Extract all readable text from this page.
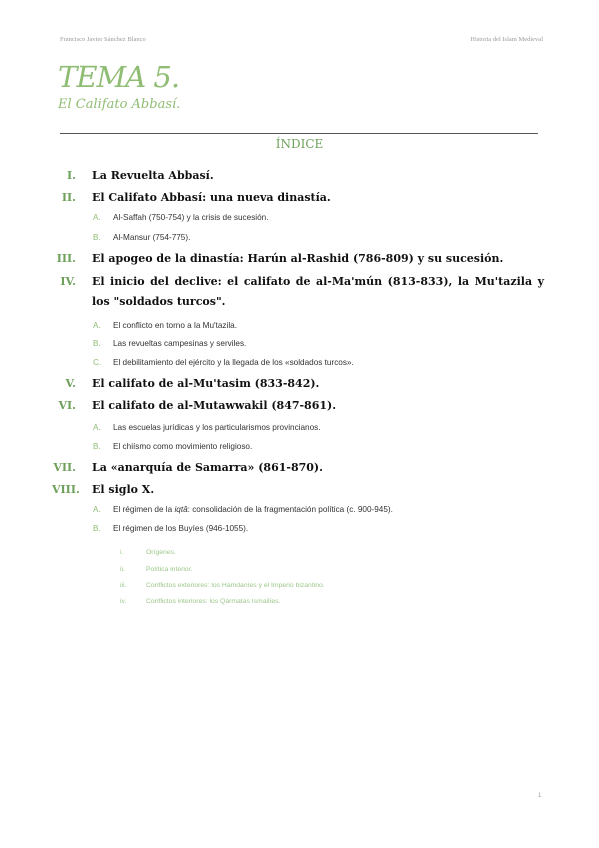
Francisco Javier Sánchez Blanco	Historia del Islam Medieval
TEMA 5.
El Califato Abbasí.
ÍNDICE
I. La Revuelta Abbasí.
II. El Califato Abbasí: una nueva dinastía.
A. Al-Saffah (750-754) y la crisis de sucesión.
B. Al-Mansur (754-775).
III. El apogeo de la dinastía: Harún al-Rashid (786-809) y su sucesión.
IV. El inicio del declive: el califato de al-Ma'mún (813-833), la Mu'tazila y los "soldados turcos".
A. El conflicto en torno a la Mu'tazila.
B. Las revueltas campesinas y serviles.
C. El debilitamiento del ejército y la llegada de los «soldados turcos».
V. El califato de al-Mu'tasim (833-842).
VI. El califato de al-Mutawwakil (847-861).
A. Las escuelas jurídicas y los particularismos provincianos.
B. El chiísmo como movimiento religioso.
VII. La «anarquía de Samarra» (861-870).
VIII. El siglo X.
A. El régimen de la iqtâ: consolidación de la fragmentación política (c. 900-945).
B. El régimen de los Buyíes (946-1055).
i.	Orígenes.
ii.	Política interior.
iii.	Conflictos exteriores: los Hamdaníes y el Imperio bizantino.
iv.	Conflictos interiores: los Qármatas Ismailíes.
1
